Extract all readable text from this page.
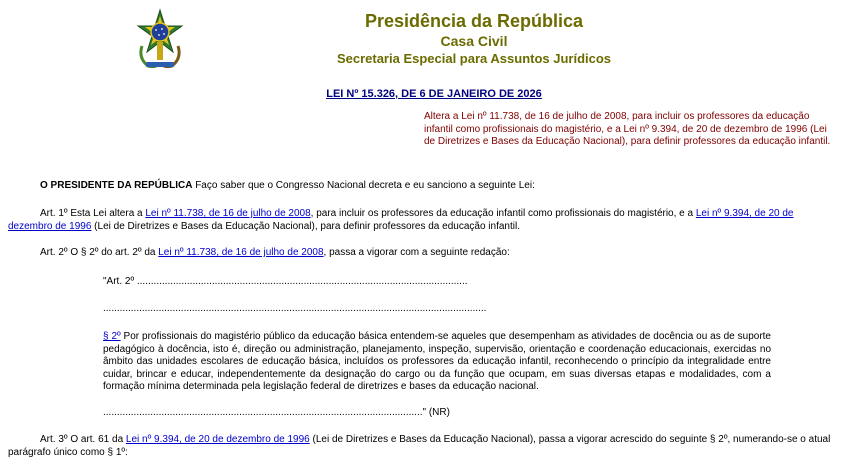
Presidência da República
Casa Civil
Secretaria Especial para Assuntos Jurídicos
LEI Nº 15.326, DE 6 DE JANEIRO DE 2026
Altera a Lei nº 11.738, de 16 de julho de 2008, para incluir os professores da educação infantil como profissionais do magistério, e a Lei nº 9.394, de 20 de dezembro de 1996 (Lei de Diretrizes e Bases da Educação Nacional), para definir professores da educação infantil.
O PRESIDENTE DA REPÚBLICA Faço saber que o Congresso Nacional decreta e eu sanciono a seguinte Lei:
Art. 1º Esta Lei altera a Lei nº 11.738, de 16 de julho de 2008, para incluir os professores da educação infantil como profissionais do magistério, e a Lei nº 9.394, de 20 de dezembro de 1996 (Lei de Diretrizes e Bases da Educação Nacional), para definir professores da educação infantil.
Art. 2º O § 2º do art. 2º da Lei nº 11.738, de 16 de julho de 2008, passa a vigorar com a seguinte redação:
"Art. 2º .......................................................................................................................
..........................................................................................................................................
§ 2º Por profissionais do magistério público da educação básica entendem-se aqueles que desempenham as atividades de docência ou as de suporte pedagógico à docência, isto é, direção ou administração, planejamento, inspeção, supervisão, orientação e coordenação educacionais, exercidas no âmbito das unidades escolares de educação básica, incluídos os professores da educação infantil, reconhecendo o princípio da integralidade entre cuidar, brincar e educar, independentemente da designação do cargo ou da função que ocupam, em suas diversas etapas e modalidades, com a formação mínima determinada pela legislação federal de diretrizes e bases da educação nacional.
..................................................................................................................." (NR)
Art. 3º O art. 61 da Lei nº 9.394, de 20 de dezembro de 1996 (Lei de Diretrizes e Bases da Educação Nacional), passa a vigorar acrescido do seguinte § 2º, numerando-se o atual parágrafo único como § 1º:
